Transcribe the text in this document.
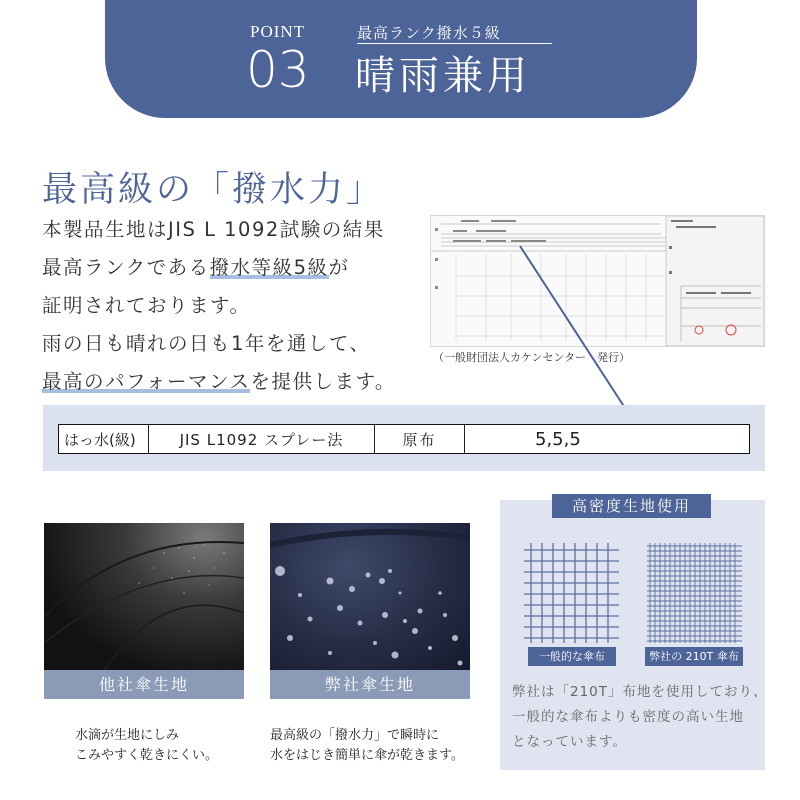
POINT
03
最高ランク撥水５級
晴雨兼用
最高級の「撥水力」
本製品生地はJIS L 1092試験の結果
最高ランクである撥水等級5級が
証明されております。
雨の日も晴れの日も1年を通して、
最高のパフォーマンスを提供します。
（一般財団法人カケンセンター　発行）
はっ水(級)	JIS L1092 スプレー法	原布	5,5,5
他社傘生地
水滴が生地にしみ
こみやすく乾きにくい。
弊社傘生地
最高級の「撥水力」で瞬時に
水をはじき簡単に傘が乾きます。
高密度生地使用
一般的な傘布	弊社の 210T 傘布
弊社は「210T」布地を使用しており、
一般的な傘布よりも密度の高い生地
となっています。
